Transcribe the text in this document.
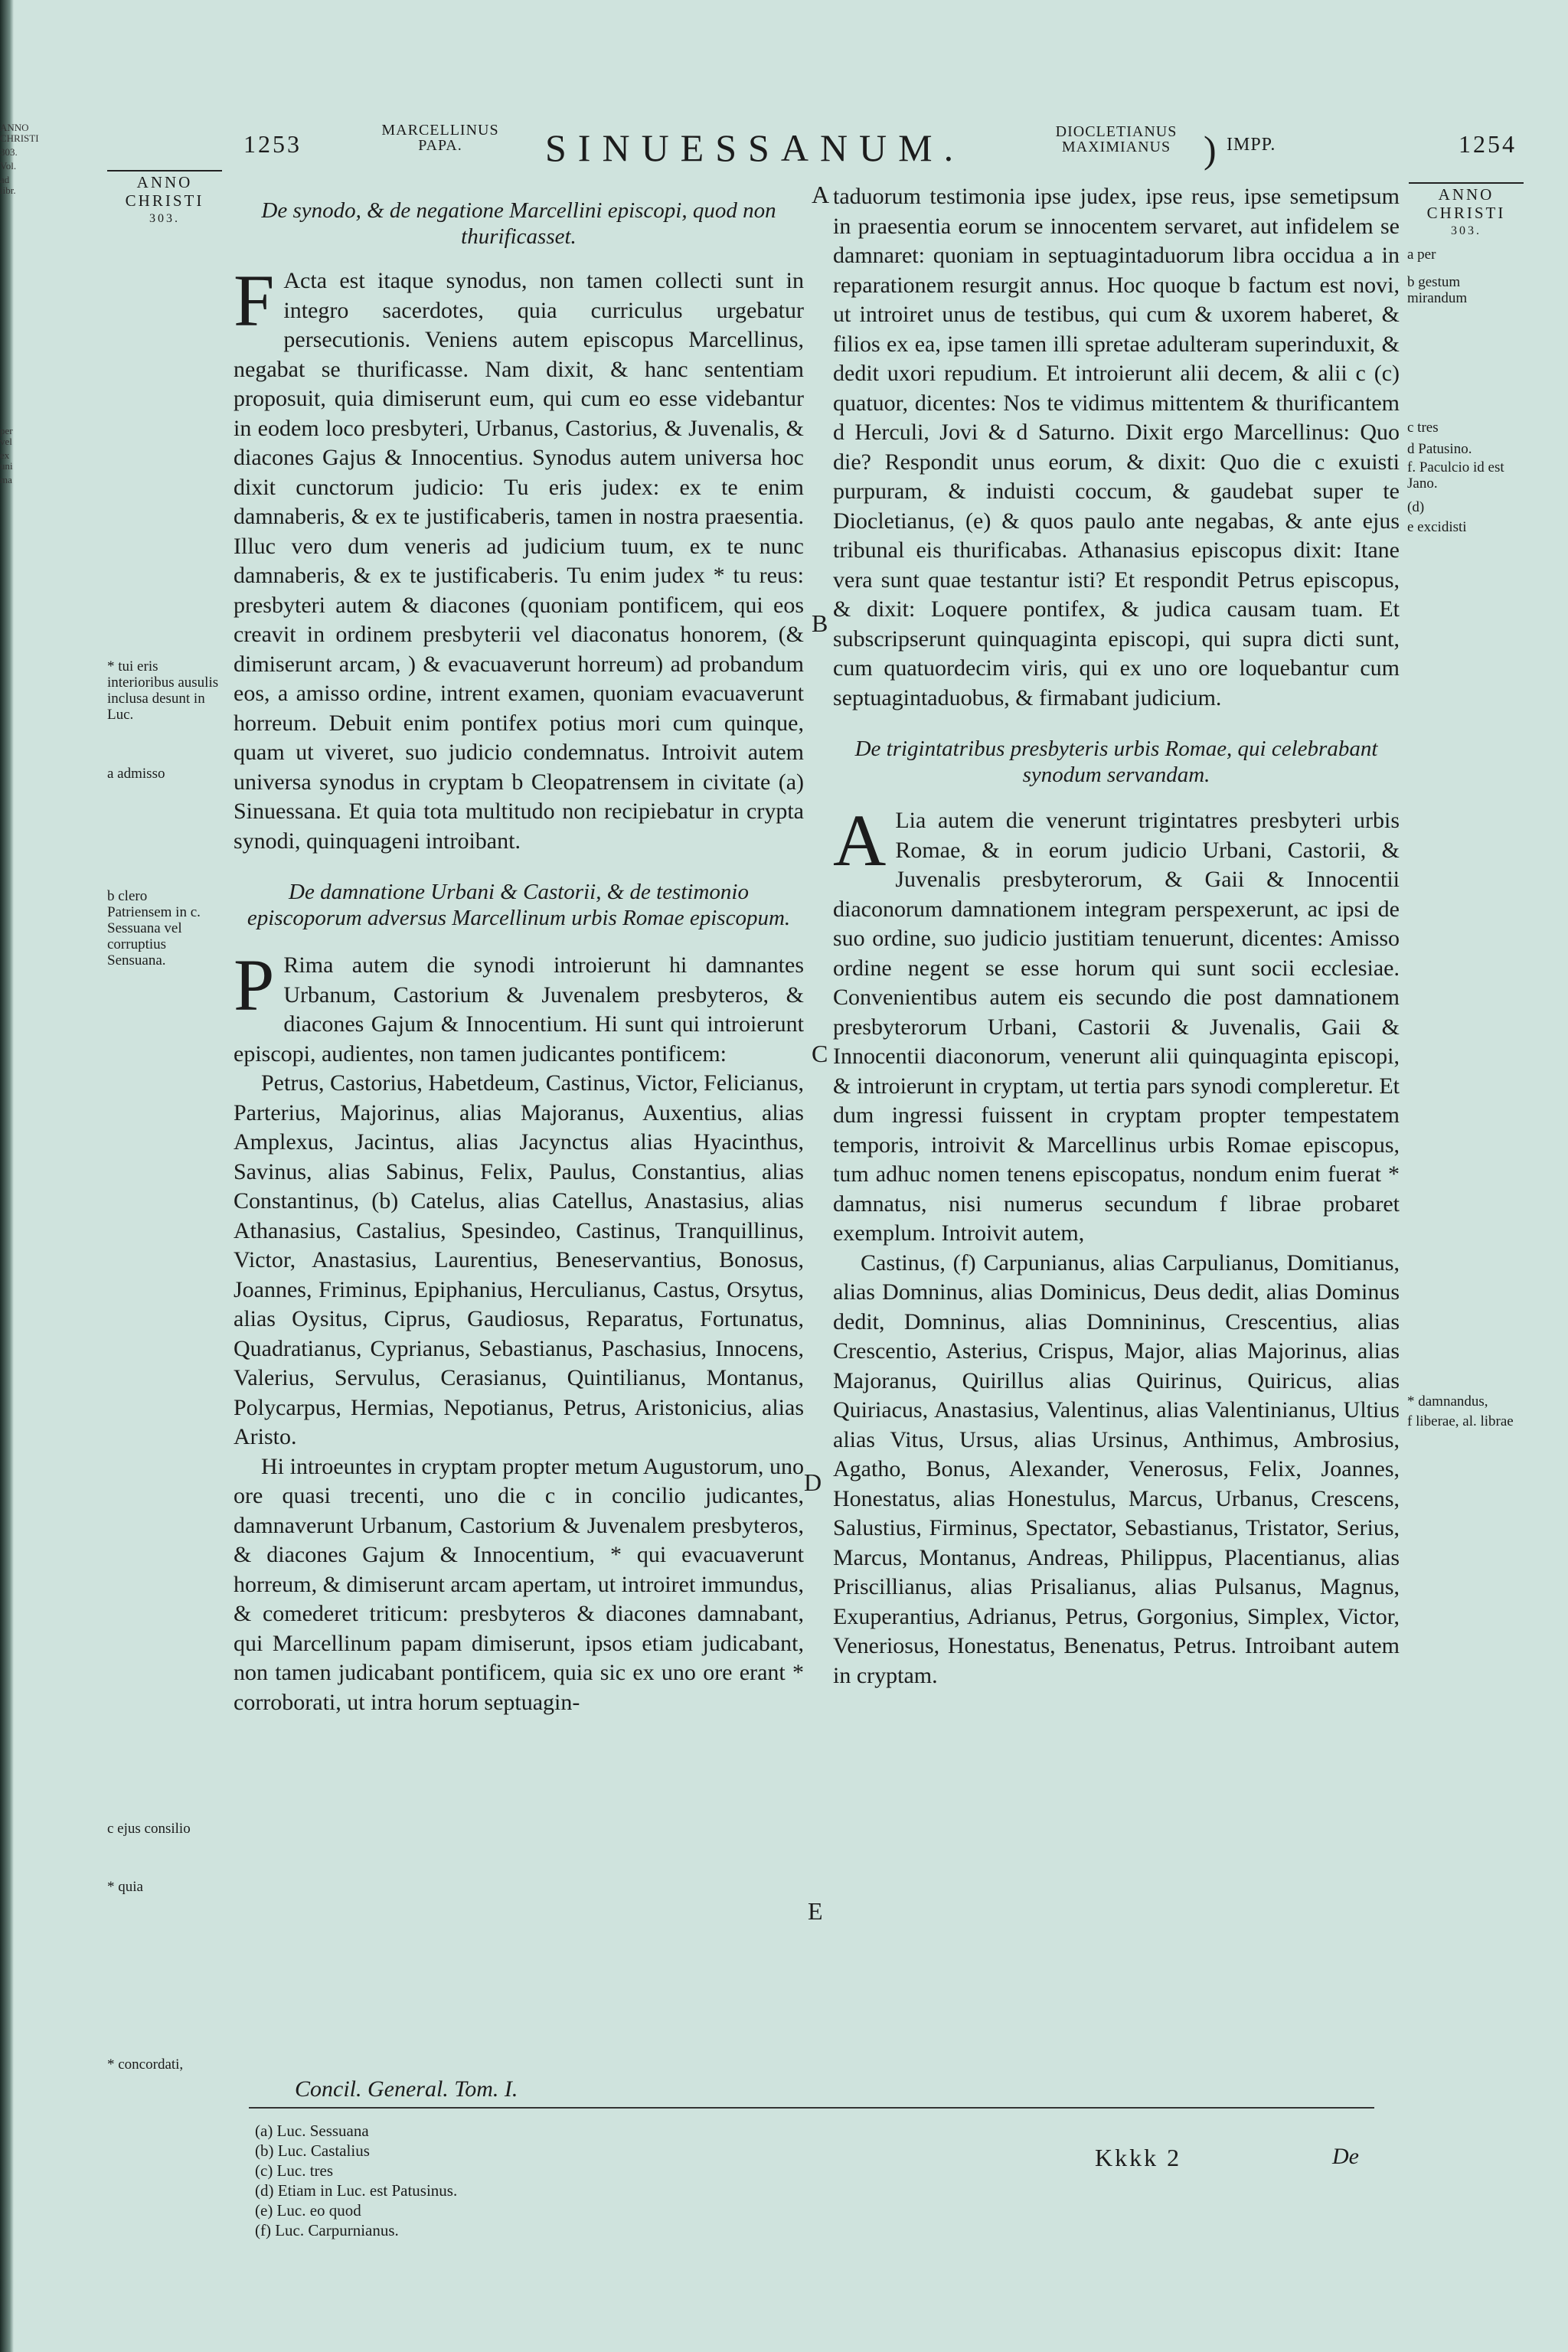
ANNO CHRISTI
303.
Vol.
ad libr.
per vel
ex uni
ma
1253	MARCELLINUS PAPA.	SINUESSANUM.	DIOCLETIANUS MAXIMIANUS ) IMPP.	1254
ANNO CHRISTI
303.
ANNO CHRISTI
303.
De synodo, & de negatione Marcellini episcopi, quod non thurificasset.

F Acta est itaque synodus, non tamen collecti sunt in integro sacerdotes, quia curriculus urgebatur persecutionis. Veniens autem episcopus Marcellinus, negabat se thurificasse. Nam dixit, & hanc sententiam proposuit, quia dimiserunt eum, qui cum eo esse videbantur in eodem loco presbyteri, Urbanus, Castorius, & Juvenalis, & diacones Gajus & Innocentius. Synodus autem universa hoc dixit cunctorum judicio: Tu eris judex: ex te enim damnaberis, & ex te justificaberis, tamen in nostra praesentia. Illuc vero dum veneris ad judicium tuum, ex te nunc damnaberis, & ex te justificaberis. Tu enim judex * tu reus: presbyteri autem & diacones (quoniam pontificem, qui eos creavit in ordinem presbyterii vel diaconatus honorem, (& dimiserunt arcam, ) & evacuaverunt horreum) ad probandum eos, a amisso ordine, intrent examen, quoniam evacuaverunt horreum. Debuit enim pontifex potius mori cum quinque, quam ut viveret, suo judicio condemnatus. Introivit autem universa synodus in cryptam b Cleopatrensem in civitate (a) Sinuessana. Et quia tota multitudo non recipiebatur in crypta synodi, quinquageni introibant.

De damnatione Urbani & Castorii, & de testimonio episcoporum adversus Marcellinum urbis Romae episcopum.

P Rima autem die synodi introierunt hi damnantes Urbanum, Castorium & Juvenalem presbyteros, & diacones Gajum & Innocentium. Hi sunt qui introierunt episcopi, audientes, non tamen judicantes pontificem:

Petrus, Castorius, Habetdeum, Castinus, Victor, Felicianus, Parterius, Majorinus, alias Majoranus, Auxentius, alias Amplexus, Jacintus, alias Jacynctus alias Hyacinthus, Savinus, alias Sabinus, Felix, Paulus, Constantius, alias Constantinus, (b) Catelus, alias Catellus, Anastasius, alias Athanasius, Castalius, Spesindeo, Castinus, Tranquillinus, Victor, Anastasius, Laurentius, Beneservantius, Bonosus, Joannes, Friminus, Epiphanius, Herculianus, Castus, Orsytus, alias Oysitus, Ciprus, Gaudiosus, Reparatus, Fortunatus, Quadratianus, Cyprianus, Sebastianus, Paschasius, Innocens, Valerius, Servulus, Cerasianus, Quintilianus, Montanus, Polycarpus, Hermias, Nepotianus, Petrus, Aristonicius, alias Aristo.

Hi introeuntes in cryptam propter metum Augustorum, uno ore quasi trecenti, uno die c in concilio judicantes, damnaverunt Urbanum, Castorium & Juvenalem presbyteros, & diacones Gajum & Innocentium, * qui evacuaverunt horreum, & dimiserunt arcam apertam, ut introiret immundus, & comederet triticum: presbyteros & diacones damnabant, qui Marcellinum papam dimiserunt, ipsos etiam judicabant, non tamen judicabant pontificem, quia sic ex uno ore erant * corroborati, ut intra horum septuagin-

taduorum testimonia ipse judex, ipse reus, ipse semetipsum in praesentia eorum se innocentem servaret, aut infidelem se damnaret: quoniam in septuagintaduorum libra occidua a in reparationem resurgit annus. Hoc quoque b factum est novi, ut introiret unus de testibus, qui cum & uxorem haberet, & filios ex ea, ipse tamen illi spretae adulteram superinduxit, & dedit uxori repudium. Et introierunt alii decem, & alii c (c) quatuor, dicentes: Nos te vidimus mittentem & thurificantem d Herculi, Jovi & d Saturno. Dixit ergo Marcellinus: Quo die? Respondit unus eorum, & dixit: Quo die c exuisti purpuram, & induisti coccum, & gaudebat super te Diocletianus, (e) & quos paulo ante negabas, & ante ejus tribunal eis thurificabas. Athanasius episcopus dixit: Itane vera sunt quae testantur isti? Et respondit Petrus episcopus, & dixit: Loquere pontifex, & judica causam tuam. Et subscripserunt quinquaginta episcopi, qui supra dicti sunt, cum quatuordecim viris, qui ex uno ore loquebantur cum septuagintaduobus, & firmabant judicium.

De trigintatribus presbyteris urbis Romae, qui celebrabant synodum servandam.

A Lia autem die venerunt trigintatres presbyteri urbis Romae, & in eorum judicio Urbani, Castorii, & Juvenalis presbyterorum, & Gaii & Innocentii diaconorum damnationem integram perspexerunt, ac ipsi de suo ordine, suo judicio justitiam tenuerunt, dicentes: Amisso ordine negent se esse horum qui sunt socii ecclesiae. Convenientibus autem eis secundo die post damnationem presbyterorum Urbani, Castorii & Juvenalis, Gaii & Innocentii diaconorum, venerunt alii quinquaginta episcopi, & introierunt in cryptam, ut tertia pars synodi compleretur. Et dum ingressi fuissent in cryptam propter tempestatem temporis, introivit & Marcellinus urbis Romae episcopus, tum adhuc nomen tenens episcopatus, nondum enim fuerat * damnatus, nisi numerus secundum f librae probaret exemplum. Introivit autem,

Castinus, (f) Carpunianus, alias Carpulianus, Domitianus, alias Domninus, alias Dominicus, Deus dedit, alias Dominus dedit, Domninus, alias Domnininus, Crescentius, alias Crescentio, Asterius, Crispus, Major, alias Majorinus, alias Majoranus, Quirillus alias Quirinus, Quiricus, alias Quiriacus, Anastasius, Valentinus, alias Valentinianus, Ultius alias Vitus, Ursus, alias Ursinus, Anthimus, Ambrosius, Agatho, Bonus, Alexander, Venerosus, Felix, Joannes, Honestatus, alias Honestulus, Marcus, Urbanus, Crescens, Salustius, Firminus, Spectator, Sebastianus, Tristator, Serius, Marcus, Montanus, Andreas, Philippus, Placentianus, alias Priscillianus, alias Prisalianus, alias Pulsanus, Magnus, Exuperantius, Adrianus, Petrus, Gorgonius, Simplex, Victor, Veneriosus, Honestatus, Benenatus, Petrus. Introibant autem in cryptam.

A
B
C
D
E
* tui eris interioribus ausulis inclusa desunt in Luc.
a admisso
b clero Patriensem in c. Sessuana vel corruptius Sensuana.
c ejus consilio
* quia
* concordati,
a per
b gestum mirandum
c tres
d Patusino.
f. Paculcio id est Jano.
(d)
e excidisti
* damnandus,
f liberae, al. librae
Concil. General. Tom. I.
Kkkk 2	De
(a) Luc. Sessuana
(b) Luc. Castalius
(c) Luc. tres
(d) Etiam in Luc. est Patusinus.
(e) Luc. eo quod
(f) Luc. Carpurnianus.
